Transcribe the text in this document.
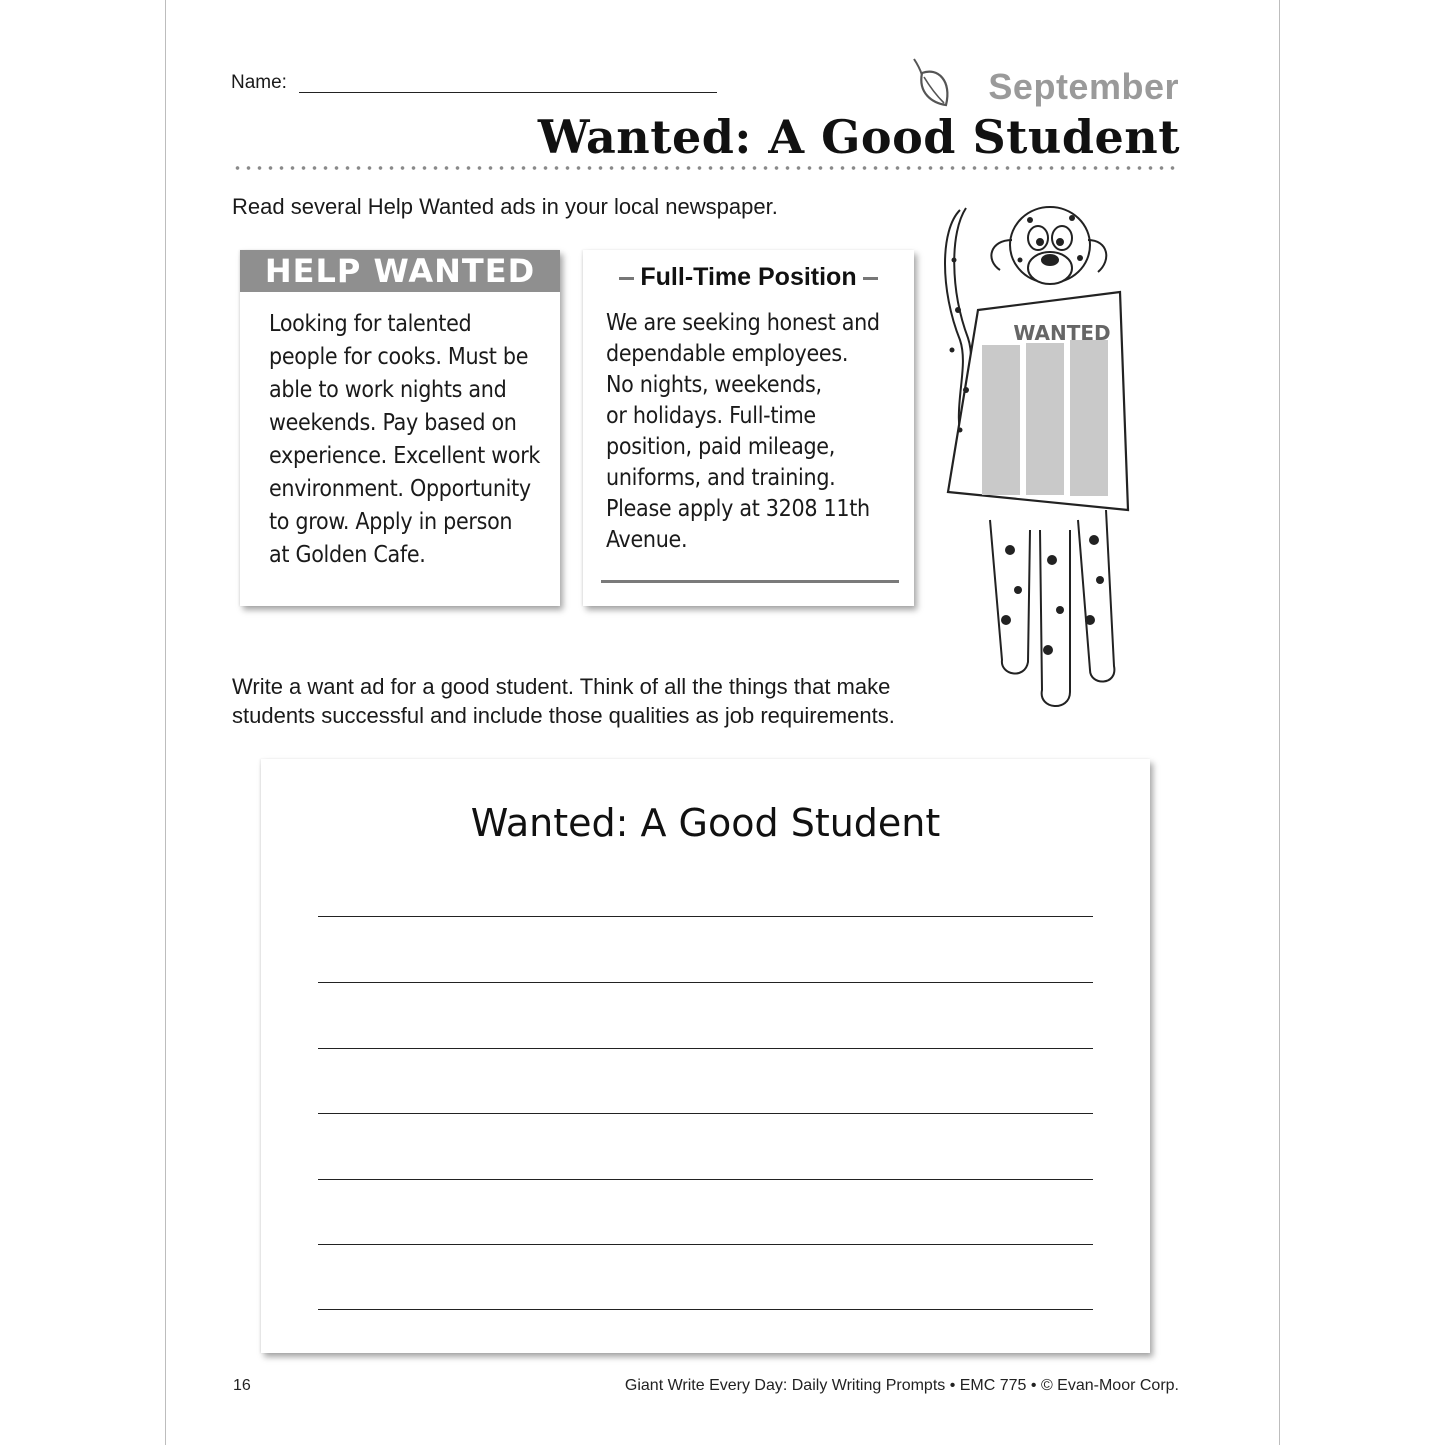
Name:	September
Wanted: A Good Student
Read several Help Wanted ads in your local newspaper.
HELP WANTED
Looking for talented
people for cooks. Must be
able to work nights and
weekends. Pay based on
experience. Excellent work
environment. Opportunity
to grow. Apply in person
at Golden Cafe.
Full-Time Position
We are seeking honest and
dependable employees.
No nights, weekends,
or holidays. Full-time
position, paid mileage,
uniforms, and training.
Please apply at 3208 11th
Avenue.
WANTED
Write a want ad for a good student. Think of all the things that make students successful and include those qualities as job requirements.
Wanted: A Good Student
16	Giant Write Every Day: Daily Writing Prompts • EMC 775 • © Evan-Moor Corp.
